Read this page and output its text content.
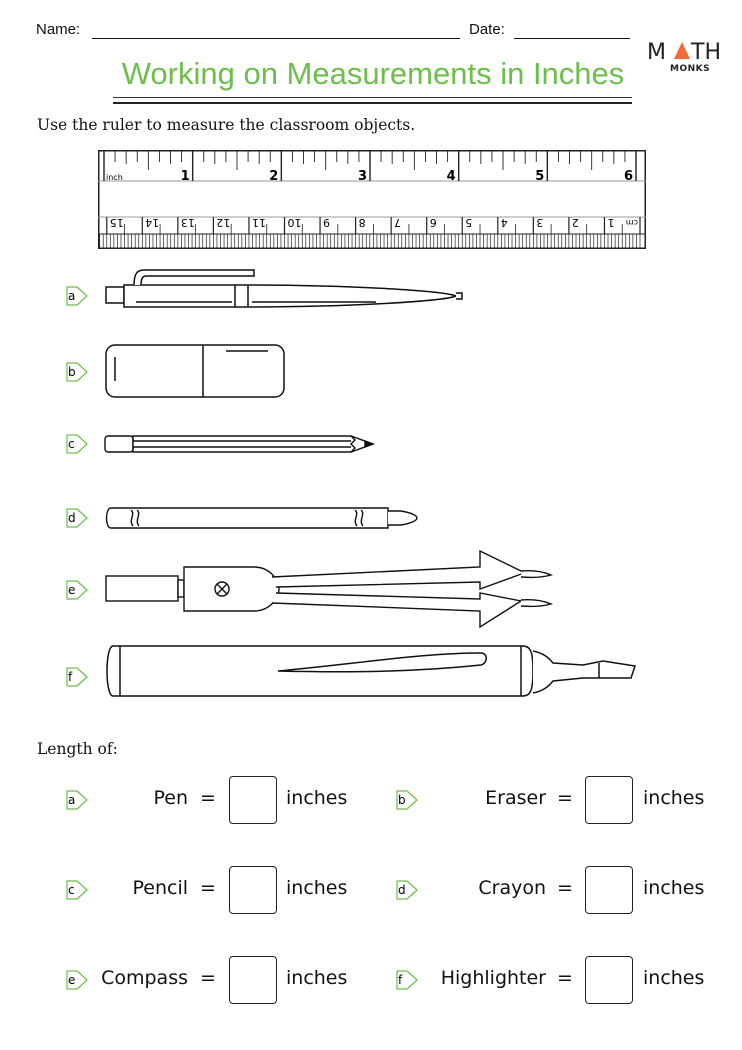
Name:	Date:
M TH
MONKS
Working on Measurements in Inches
Use the ruler to measure the classroom objects.
inch	1	2	3	4	5	6
1
2
3
4
5
6
7
8
9
10
11
12
13
14
15	cm
a
b
c
d
e
f
Length of:
a	Pen =	inches	b	Eraser =	inches
c	Pencil =	inches	d	Crayon =	inches
e Compass =	inches	f Highlighter =	inches
